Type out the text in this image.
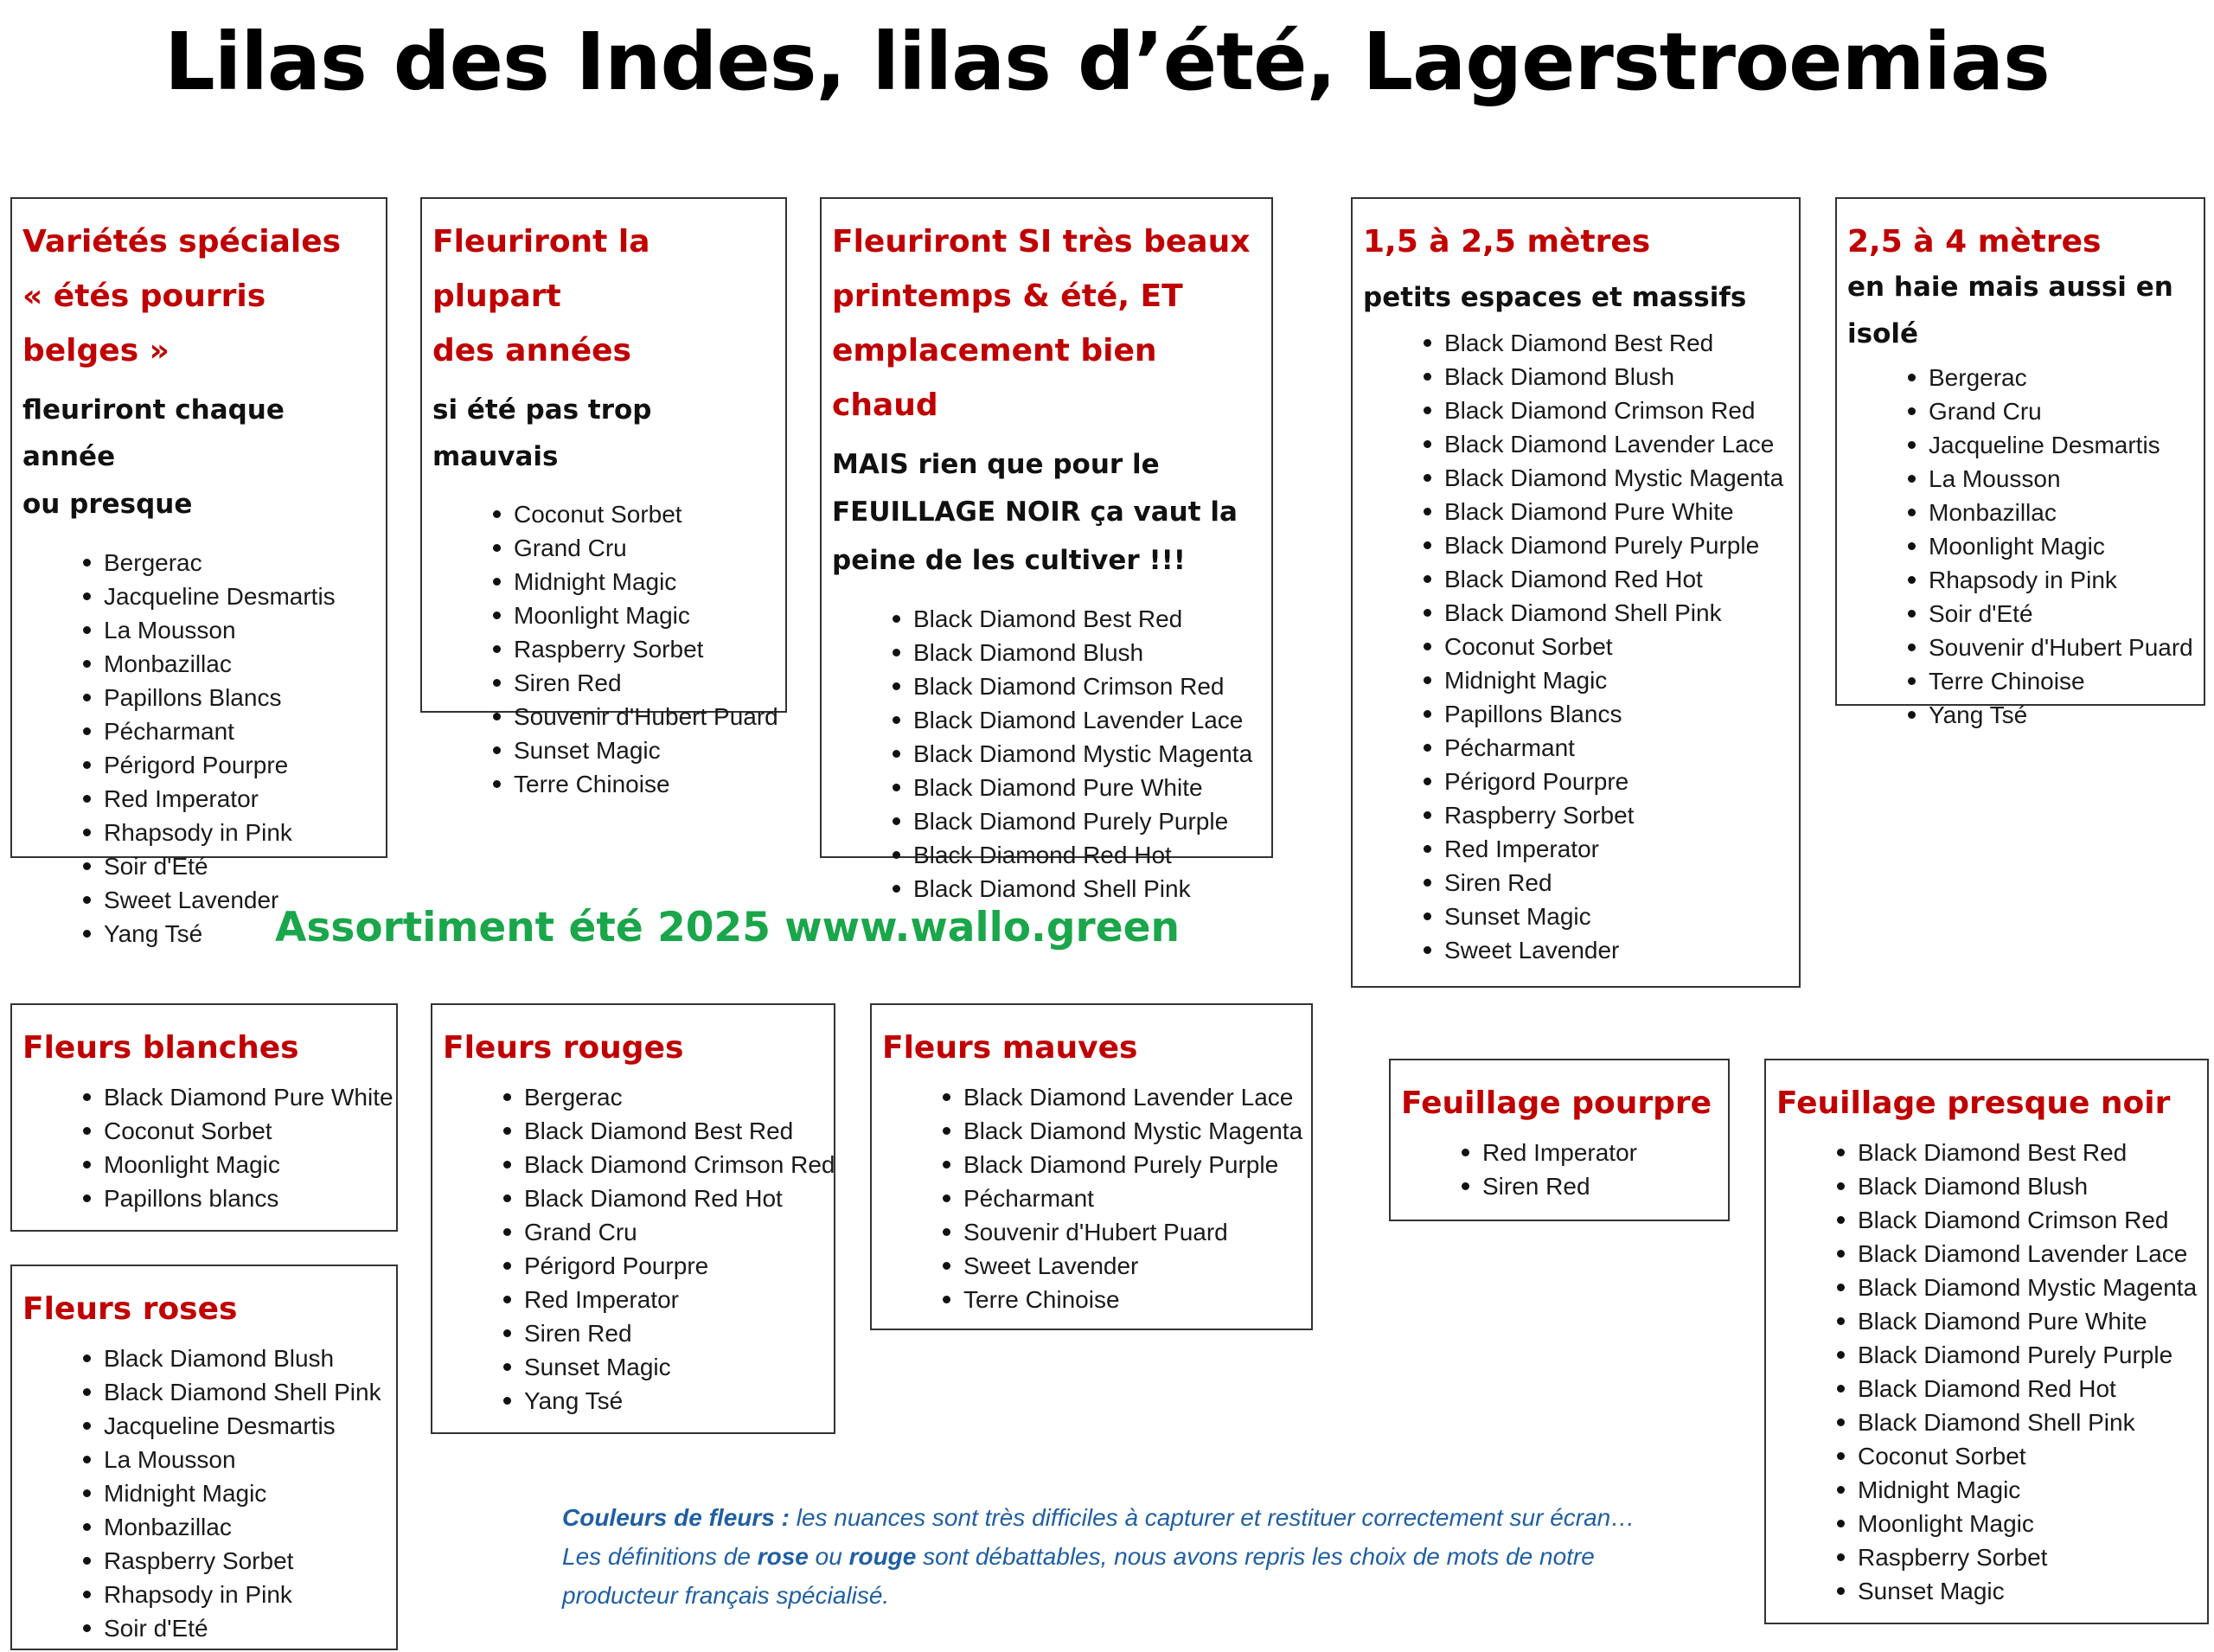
Lilas des Indes, lilas d’été, Lagerstroemias
Variétés spéciales
« étés pourris belges »
fleuriront chaque année
ou presque
Bergerac
Jacqueline Desmartis
La Mousson
Monbazillac
Papillons Blancs
Pécharmant
Périgord Pourpre
Red Imperator
Rhapsody in Pink
Soir d'Eté
Sweet Lavender
Yang Tsé
Fleuriront la plupart
des années
si été pas trop mauvais
Coconut Sorbet
Grand Cru
Midnight Magic
Moonlight Magic
Raspberry Sorbet
Siren Red
Souvenir d'Hubert Puard
Sunset Magic
Terre Chinoise
Fleuriront SI très beaux
printemps & été, ET
emplacement bien chaud
MAIS rien que pour le
FEUILLAGE NOIR ça vaut la
peine de les cultiver !!!
Black Diamond Best Red
Black Diamond Blush
Black Diamond Crimson Red
Black Diamond Lavender Lace
Black Diamond Mystic Magenta
Black Diamond Pure White
Black Diamond Purely Purple
Black Diamond Red Hot
Black Diamond Shell Pink
1,5 à 2,5 mètres
petits espaces et massifs
Black Diamond Best Red
Black Diamond Blush
Black Diamond Crimson Red
Black Diamond Lavender Lace
Black Diamond Mystic Magenta
Black Diamond Pure White
Black Diamond Purely Purple
Black Diamond Red Hot
Black Diamond Shell Pink
Coconut Sorbet
Midnight Magic
Papillons Blancs
Pécharmant
Périgord Pourpre
Raspberry Sorbet
Red Imperator
Siren Red
Sunset Magic
Sweet Lavender
2,5 à 4 mètres
en haie mais aussi en isolé
Bergerac
Grand Cru
Jacqueline Desmartis
La Mousson
Monbazillac
Moonlight Magic
Rhapsody in Pink
Soir d'Eté
Souvenir d'Hubert Puard
Terre Chinoise
Yang Tsé
Assortiment été 2025 www.wallo.green
Fleurs blanches
Black Diamond Pure White
Coconut Sorbet
Moonlight Magic
Papillons blancs
Fleurs roses
Black Diamond Blush
Black Diamond Shell Pink
Jacqueline Desmartis
La Mousson
Midnight Magic
Monbazillac
Raspberry Sorbet
Rhapsody in Pink
Soir d'Eté
Fleurs rouges
Bergerac
Black Diamond Best Red
Black Diamond Crimson Red
Black Diamond Red Hot
Grand Cru
Périgord Pourpre
Red Imperator
Siren Red
Sunset Magic
Yang Tsé
Fleurs mauves
Black Diamond Lavender Lace
Black Diamond Mystic Magenta
Black Diamond Purely Purple
Pécharmant
Souvenir d'Hubert Puard
Sweet Lavender
Terre Chinoise
Feuillage pourpre
Red Imperator
Siren Red
Feuillage presque noir
Black Diamond Best Red
Black Diamond Blush
Black Diamond Crimson Red
Black Diamond Lavender Lace
Black Diamond Mystic Magenta
Black Diamond Pure White
Black Diamond Purely Purple
Black Diamond Red Hot
Black Diamond Shell Pink
Coconut Sorbet
Midnight Magic
Moonlight Magic
Raspberry Sorbet
Sunset Magic
Couleurs de fleurs : les nuances sont très difficiles à capturer et restituer correctement sur écran…
Les définitions de rose ou rouge sont débattables, nous avons repris les choix de mots de notre
producteur français spécialisé.
